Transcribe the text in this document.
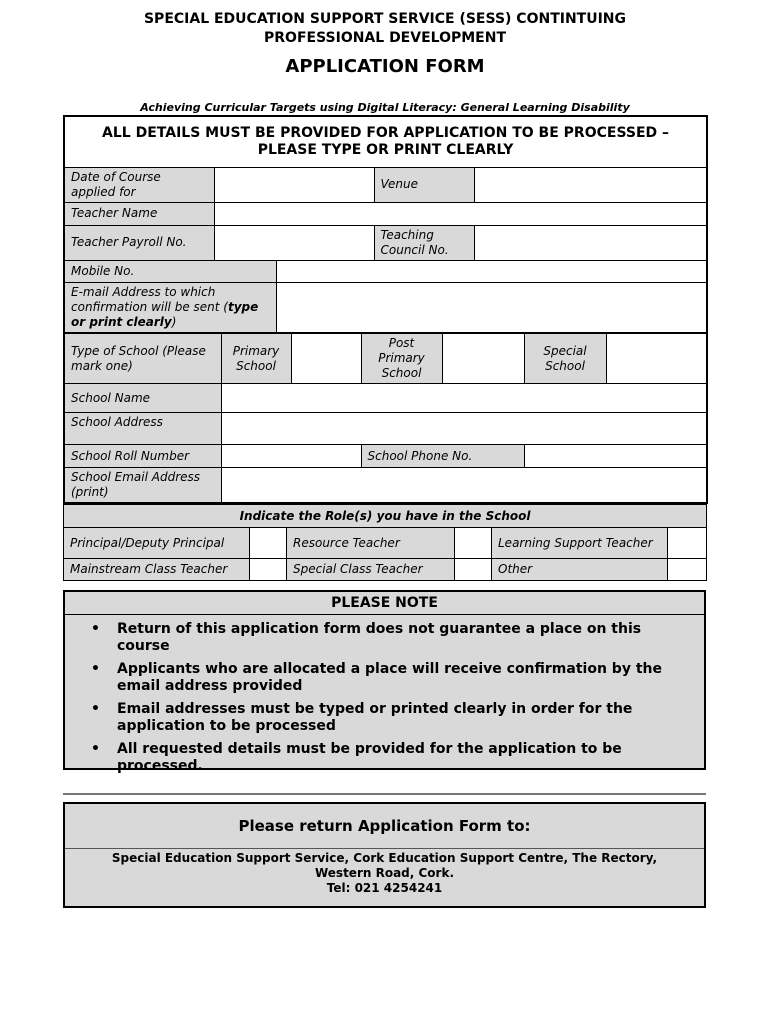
SPECIAL EDUCATION SUPPORT SERVICE (SESS) CONTINTUING
PROFESSIONAL DEVELOPMENT
APPLICATION FORM
Achieving Curricular Targets using Digital Literacy: General Learning Disability
ALL DETAILS MUST BE PROVIDED FOR APPLICATION TO BE PROCESSED – PLEASE TYPE OR PRINT CLEARLY				
Date of Course applied for			Venue	
Teacher Name				
Teacher Payroll No.			Teaching Council No.	
Mobile No.				
E-mail Address to which confirmation will be sent (type or print clearly)				
Type of School (Please mark one)	Primary School		Post Primary School		Special School	
School Name						
School Address						
School Roll Number			School Phone No.			
School Email Address (print)						
Indicate the Role(s) you have in the School					
Principal/Deputy Principal		Resource Teacher		Learning Support Teacher	
Mainstream Class Teacher		Special Class Teacher		Other	
PLEASE NOTE
• Return of this application form does not guarantee a place on this course
• Applicants who are allocated a place will receive confirmation by the email address provided
• Email addresses must be typed or printed clearly in order for the application to be processed
• All requested details must be provided for the application to be processed.
Please return Application Form to:
Special Education Support Service, Cork Education Support Centre, The Rectory,
Western Road, Cork.
Tel: 021 4254241
